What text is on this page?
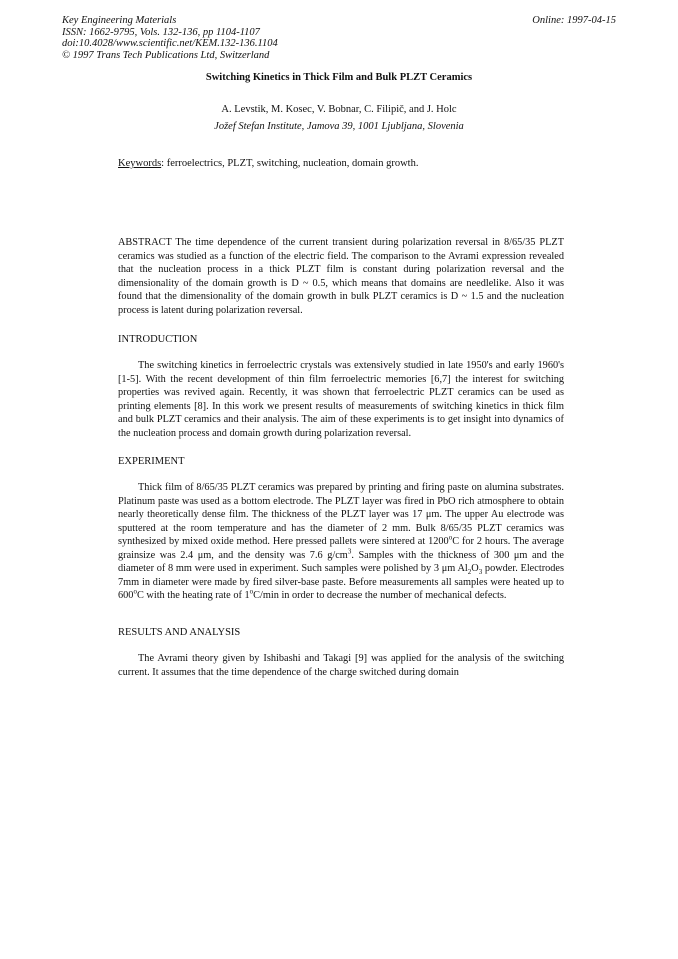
Key Engineering Materials
ISSN: 1662-9795, Vols. 132-136, pp 1104-1107
doi:10.4028/www.scientific.net/KEM.132-136.1104
© 1997 Trans Tech Publications Ltd, Switzerland
Online: 1997-04-15
Switching Kinetics in Thick Film and Bulk PLZT Ceramics
A. Levstik, M. Kosec, V. Bobnar, C. Filipič, and J. Holc
Jožef Stefan Institute, Jamova 39, 1001 Ljubljana, Slovenia
Keywords: ferroelectrics, PLZT, switching, nucleation, domain growth.

ABSTRACT The time dependence of the current transient during polarization reversal in 8/65/35 PLZT ceramics was studied as a function of the electric field. The comparison to the Avrami expression revealed that the nucleation process in a thick PLZT film is constant during polarization reversal and the dimensionality of the domain growth is D ~ 0.5, which means that domains are needlelike. Also it was found that the dimensionality of the domain growth in bulk PLZT ceramics is D ~ 1.5 and the nucleation process is latent during polarization reversal.

INTRODUCTION

The switching kinetics in ferroelectric crystals was extensively studied in late 1950's and early 1960's [1-5]. With the recent development of thin film ferroelectric memories [6,7] the interest for switching properties was revived again. Recently, it was shown that ferroelectric PLZT ceramics can be used as printing elements [8]. In this work we present results of measurements of switching kinetics in thick film and bulk PLZT ceramics and their analysis. The aim of these experiments is to get insight into dynamics of the nucleation process and domain growth during polarization reversal.

EXPERIMENT

Thick film of 8/65/35 PLZT ceramics was prepared by printing and firing paste on alumina substrates. Platinum paste was used as a bottom electrode. The PLZT layer was fired in PbO rich atmosphere to obtain nearly theoretically dense film. The thickness of the PLZT layer was 17 μm. The upper Au electrode was sputtered at the room temperature and has the diameter of 2 mm. Bulk 8/65/35 PLZT ceramics was synthesized by mixed oxide method. Here pressed pallets were sintered at 1200$^o$C for 2 hours. The average grainsize was 2.4 μm, and the density was 7.6 $g/cm^3$. Samples with the thickness of 300 μm and the diameter of 8 mm were used in experiment. Such samples were polished by 3 μm $Al_2O_3$ powder. Electrodes 7mm in diameter were made by fired silver-base paste. Before measurements all samples were heated up to 600$^o$C with the heating rate of 1$^o$C/min in order to decrease the number of mechanical defects.

RESULTS AND ANALYSIS

The Avrami theory given by Ishibashi and Takagi [9] was applied for the analysis of the switching current. It assumes that the time dependence of the charge switched during domain
